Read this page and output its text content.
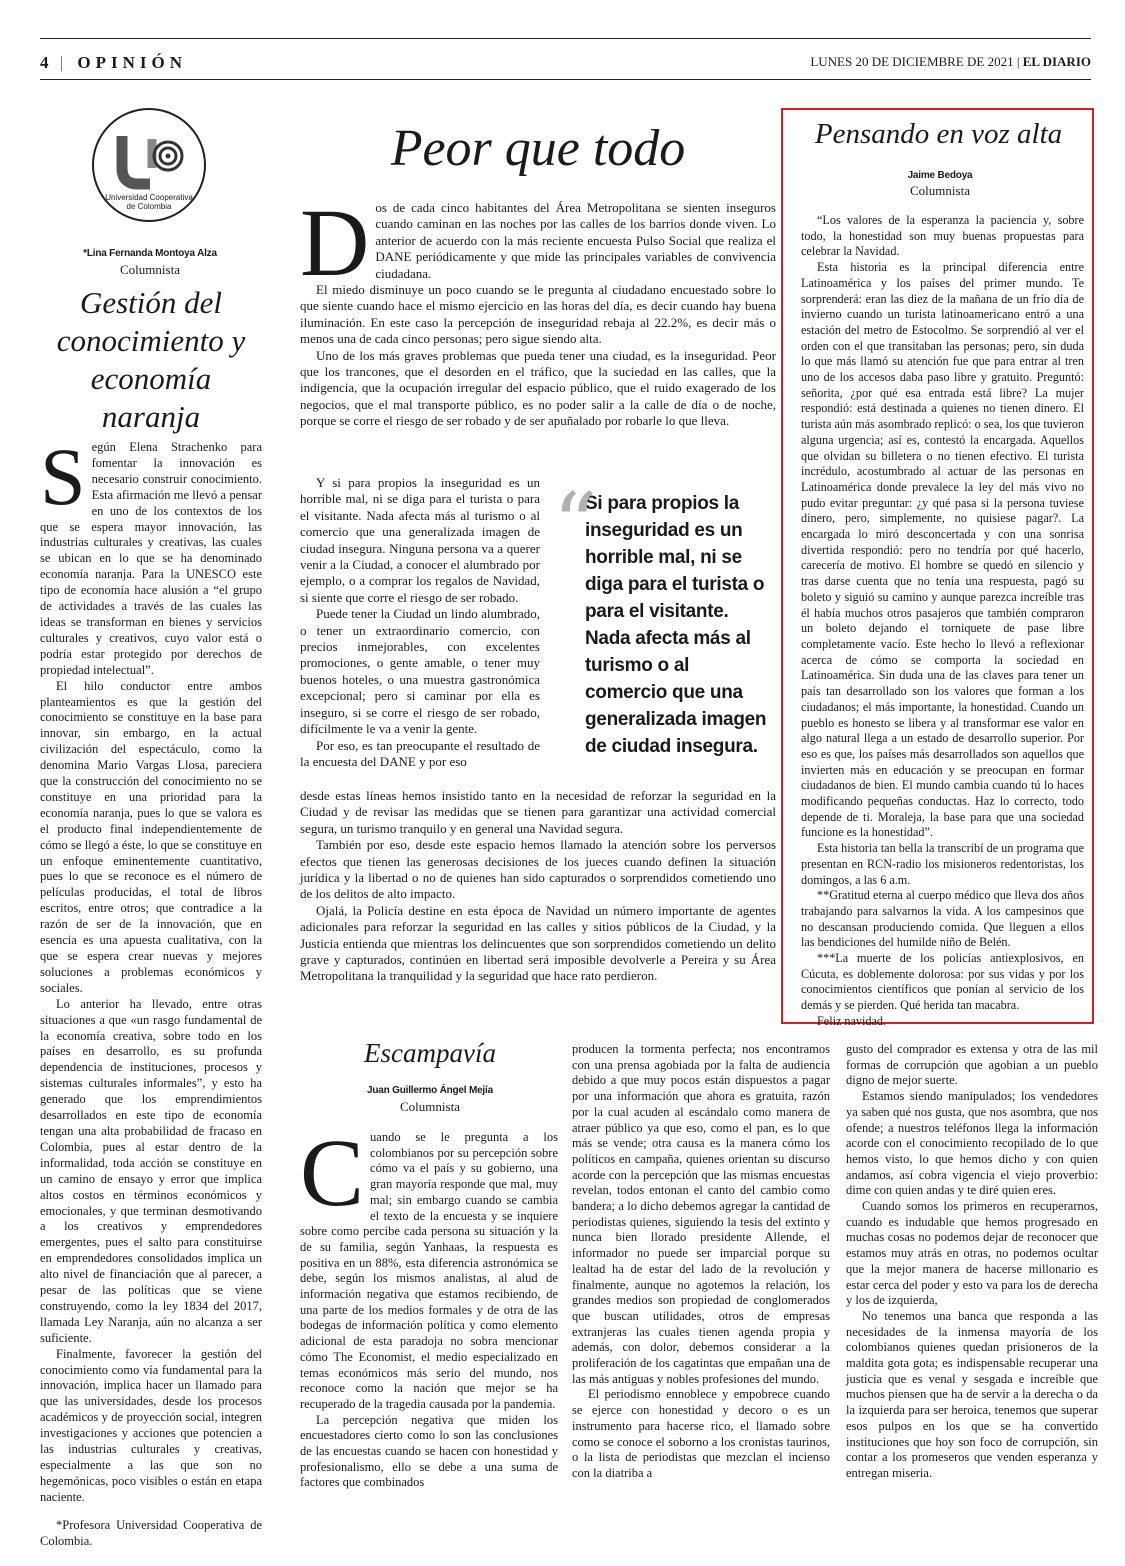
4 | OPINIÓN	LUNES 20 DE DICIEMBRE DE 2021 | EL DIARIO
Universidad Cooperativa
de Colombia
*Lina Fernanda Montoya Alza
Columnista
Gestión del conocimiento y economía naranja

Según Elena Strachenko para fomentar la innovación es necesario construir conocimiento. Esta afirmación me llevó a pensar en uno de los contextos de los que se espera mayor innovación, las industrias culturales y creativas, las cuales se ubican en lo que se ha denominado economía naranja. Para la UNESCO este tipo de economía hace alusión a “el grupo de actividades a través de las cuales las ideas se transforman en bienes y servicios culturales y creativos, cuyo valor está o podría estar protegido por derechos de propiedad intelectual”.

El hilo conductor entre ambos planteamientos es que la gestión del conocimiento se constituye en la base para innovar, sin embargo, en la actual civilización del espectáculo, como la denomina Mario Vargas Llosa, pareciera que la construcción del conocimiento no se constituye en una prioridad para la economía naranja, pues lo que se valora es el producto final independientemente de cómo se llegó a éste, lo que se constituye en un enfoque eminentemente cuantitativo, pues lo que se reconoce es el número de películas producidas, el total de libros escritos, entre otros; que contradice a la razón de ser de la innovación, que en esencia es una apuesta cualitativa, con la que se espera crear nuevas y mejores soluciones a problemas económicos y sociales.

Lo anterior ha llevado, entre otras situaciones a que «un rasgo fundamental de la economía creativa, sobre todo en los países en desarrollo, es su profunda dependencia de instituciones, procesos y sistemas culturales informales”, y esto ha generado que los emprendimientos desarrollados en este tipo de economía tengan una alta probabilidad de fracaso en Colombia, pues al estar dentro de la informalidad, toda acción se constituye en un camino de ensayo y error que implica altos costos en términos económicos y emocionales, y que terminan desmotivando a los creativos y emprendedores emergentes, pues el salto para constituirse en emprendedores consolidados implica un alto nivel de financiación que al parecer, a pesar de las políticas que se viene construyendo, como la ley 1834 del 2017, llamada Ley Naranja, aún no alcanza a ser suficiente.

Finalmente, favorecer la gestión del conocimiento como vía fundamental para la innovación, implica hacer un llamado para que las universidades, desde los procesos académicos y de proyección social, integren investigaciones y acciones que potencien a las industrias culturales y creativas, especialmente a las que son no hegemónicas, poco visibles o están en etapa naciente.

*Profesora Universidad Cooperativa de Colombia.

Peor que todo

Dos de cada cinco habitantes del Área Metropolitana se sienten inseguros cuando caminan en las noches por las calles de los barrios donde viven. Lo anterior de acuerdo con la más reciente encuesta Pulso Social que realiza el DANE periódicamente y que mide las principales variables de convivencia ciudadana.

El miedo disminuye un poco cuando se le pregunta al ciudadano encuestado sobre lo que siente cuando hace el mismo ejercicio en las horas del día, es decir cuando hay buena iluminación. En este caso la percepción de inseguridad rebaja al 22.2%, es decir más o menos una de cada cinco personas; pero sigue siendo alta.

Uno de los más graves problemas que pueda tener una ciudad, es la inseguridad. Peor que los trancones, que el desorden en el tráfico, que la suciedad en las calles, que la indigencia, que la ocupación irregular del espacio público, que el ruido exagerado de los negocios, que el mal transporte público, es no poder salir a la calle de día o de noche, porque se corre el riesgo de ser robado y de ser apuñalado por robarle lo que lleva.

Y si para propios la inseguridad es un horrible mal, ni se diga para el turista o para el visitante. Nada afecta más al turismo o al comercio que una generalizada imagen de ciudad insegura. Ninguna persona va a querer venir a la Ciudad, a conocer el alumbrado por ejemplo, o a comprar los regalos de Navidad, si siente que corre el riesgo de ser robado.

Puede tener la Ciudad un lindo alumbrado, o tener un extraordinario comercio, con precios inmejorables, con excelentes promociones, o gente amable, o tener muy buenos hoteles, o una muestra gastronómica excepcional; pero si caminar por ella es inseguro, si se corre el riesgo de ser robado, difícilmente le va a venir la gente.

Por eso, es tan preocupante el resultado de la encuesta del DANE y por eso

“
Si para propios la inseguridad es un horrible mal, ni se diga para el turista o para el visitante. Nada afecta más al turismo o al comercio que una generalizada imagen de ciudad insegura.

desde estas líneas hemos insistido tanto en la necesidad de reforzar la seguridad en la Ciudad y de revisar las medidas que se tienen para garantizar una actividad comercial segura, un turismo tranquilo y en general una Navidad segura.

También por eso, desde este espacio hemos llamado la atención sobre los perversos efectos que tienen las generosas decisiones de los jueces cuando definen la situación jurídica y la libertad o no de quienes han sido capturados o sorprendidos cometiendo uno de los delitos de alto impacto.

Ojalá, la Policía destine en esta época de Navidad un número importante de agentes adicionales para reforzar la seguridad en las calles y sitios públicos de la Ciudad, y la Justicia entienda que mientras los delincuentes que son sorprendidos cometiendo un delito grave y capturados, continúen en libertad será imposible devolverle a Pereira y su Área Metropolitana la tranquilidad y la seguridad que hace rato perdieron.

Pensando en voz alta
Jaime Bedoya
Columnista

“Los valores de la esperanza la paciencia y, sobre todo, la honestidad son muy buenas propuestas para celebrar la Navidad.

Esta historia es la principal diferencia entre Latinoamérica y los países del primer mundo. Te sorprenderá: eran las diez de la mañana de un frío día de invierno cuando un turista latinoamericano entró a una estación del metro de Estocolmo. Se sorprendió al ver el orden con el que transitaban las personas; pero, sin duda lo que más llamó su atención fue que para entrar al tren uno de los accesos daba paso libre y gratuito. Preguntó: señorita, ¿por qué esa entrada está libre? La mujer respondió: está destinada a quienes no tienen dinero. El turista aún más asombrado replicó: o sea, los que tuvieron alguna urgencia; así es, contestó la encargada. Aquellos que olvidan su billetera o no tienen efectivo. El turista incrédulo, acostumbrado al actuar de las personas en Latinoamérica donde prevalece la ley del más vivo no pudo evitar preguntar: ¿y qué pasa si la persona tuviese dinero, pero, simplemente, no quisiese pagar?. La encargada lo miró desconcertada y con una sonrisa divertida respondió: pero no tendría por qué hacerlo, carecería de motivo. El hombre se quedó en silencio y tras darse cuenta que no tenía una respuesta, pagó su boleto y siguió su camino y aunque parezca increíble tras él había muchos otros pasajeros que también compraron un boleto dejando el torniquete de pase libre completamente vacío. Este hecho lo llevó a reflexionar acerca de cómo se comporta la sociedad en Latinoamérica. Sin duda una de las claves para tener un país tan desarrollado son los valores que forman a los ciudadanos; el más importante, la honestidad. Cuando un pueblo es honesto se libera y al transformar ese valor en algo natural llega a un estado de desarrollo superior. Por eso es que, los países más desarrollados son aquellos que invierten más en educación y se preocupan en formar ciudadanos de bien. El mundo cambia cuando tú lo haces modificando pequeñas conductas. Haz lo correcto, todo depende de ti. Moraleja, la base para que una sociedad funcione es la honestidad”.

Esta historia tan bella la transcribí de un programa que presentan en RCN-radio los misioneros redentoristas, los domingos, a las 6 a.m.

**Gratitud eterna al cuerpo médico que lleva dos años trabajando para salvarnos la vida. A los campesinos que no descansan produciendo comida. Que lleguen a ellos las bendiciones del humilde niño de Belén.

***La muerte de los policías antiexplosivos, en Cúcuta, es doblemente dolorosa: por sus vidas y por los conocimientos científicos que ponían al servicio de los demás y se pierden. Qué herida tan macabra.

Feliz navidad.

Escampavía
Juan Guillermo Ángel Mejía
Columnista

Cuando se le pregunta a los colombianos por su percepción sobre cómo va el país y su gobierno, una gran mayoría responde que mal, muy mal; sin embargo cuando se cambia el texto de la encuesta y se inquiere sobre como percibe cada persona su situación y la de su familia, según Yanhaas, la respuesta es positiva en un 88%, esta diferencia astronómica se debe, según los mismos analistas, al alud de información negativa que estamos recibiendo, de una parte de los medios formales y de otra de las bodegas de información política y como elemento adicional de esta paradoja no sobra mencionar cómo The Economist, el medio especializado en temas económicos más serio del mundo, nos reconoce como la nación que mejor se ha recuperado de la tragedia causada por la pandemia.

La percepción negativa que miden los encuestadores cierto como lo son las conclusiones de las encuestas cuando se hacen con honestidad y profesionalismo, ello se debe a una suma de factores que combinados

producen la tormenta perfecta; nos encontramos con una prensa agobiada por la falta de audiencia debido a que muy pocos están dispuestos a pagar por una información que ahora es gratuita, razón por la cual acuden al escándalo como manera de atraer público ya que eso, como el pan, es lo que más se vende; otra causa es la manera cómo los políticos en campaña, quienes orientan su discurso acorde con la percepción que las mismas encuestas revelan, todos entonan el canto del cambio como bandera; a lo dicho debemos agregar la cantidad de periodistas quienes, siguiendo la tesis del extinto y nunca bien llorado presidente Allende, el informador no puede ser imparcial porque su lealtad ha de estar del lado de la revolución y finalmente, aunque no agotemos la relación, los grandes medios son propiedad de conglomerados que buscan utilidades, otros de empresas extranjeras las cuales tienen agenda propia y además, con dolor, debemos considerar a la proliferación de los cagatintas que empañan una de las más antiguas y nobles profesiones del mundo.

El periodismo ennoblece y empobrece cuando se ejerce con honestidad y decoro o es un instrumento para hacerse rico, el llamado sobre como se conoce el soborno a los cronistas taurinos, o la lista de periodistas que mezclan el incienso con la diatriba a

gusto del comprador es extensa y otra de las mil formas de corrupción que agobian a un pueblo digno de mejor suerte.

Estamos siendo manipulados; los vendedores ya saben qué nos gusta, que nos asombra, que nos ofende; a nuestros teléfonos llega la información acorde con el conocimiento recopilado de lo que hemos visto, lo que hemos dicho y con quien andamos, así cobra vigencia el viejo proverbio: dime con quien andas y te diré quien eres.

Cuando somos los primeros en recuperarnos, cuando es indudable que hemos progresado en muchas cosas no podemos dejar de reconocer que estamos muy atrás en otras, no podemos ocultar que la mejor manera de hacerse millonario es estar cerca del poder y esto va para los de derecha y los de izquierda,

No tenemos una banca que responda a las necesidades de la inmensa mayoría de los colombianos quienes quedan prisioneros de la maldita gota gota; es indispensable recuperar una justicia que es venal y sesgada e increíble que muchos piensen que ha de servir a la derecha o da la izquierda para ser heroica, tenemos que superar esos pulpos en los que se ha convertido instituciones que hoy son foco de corrupción, sin contar a los promeseros que venden esperanza y entregan miseria.
